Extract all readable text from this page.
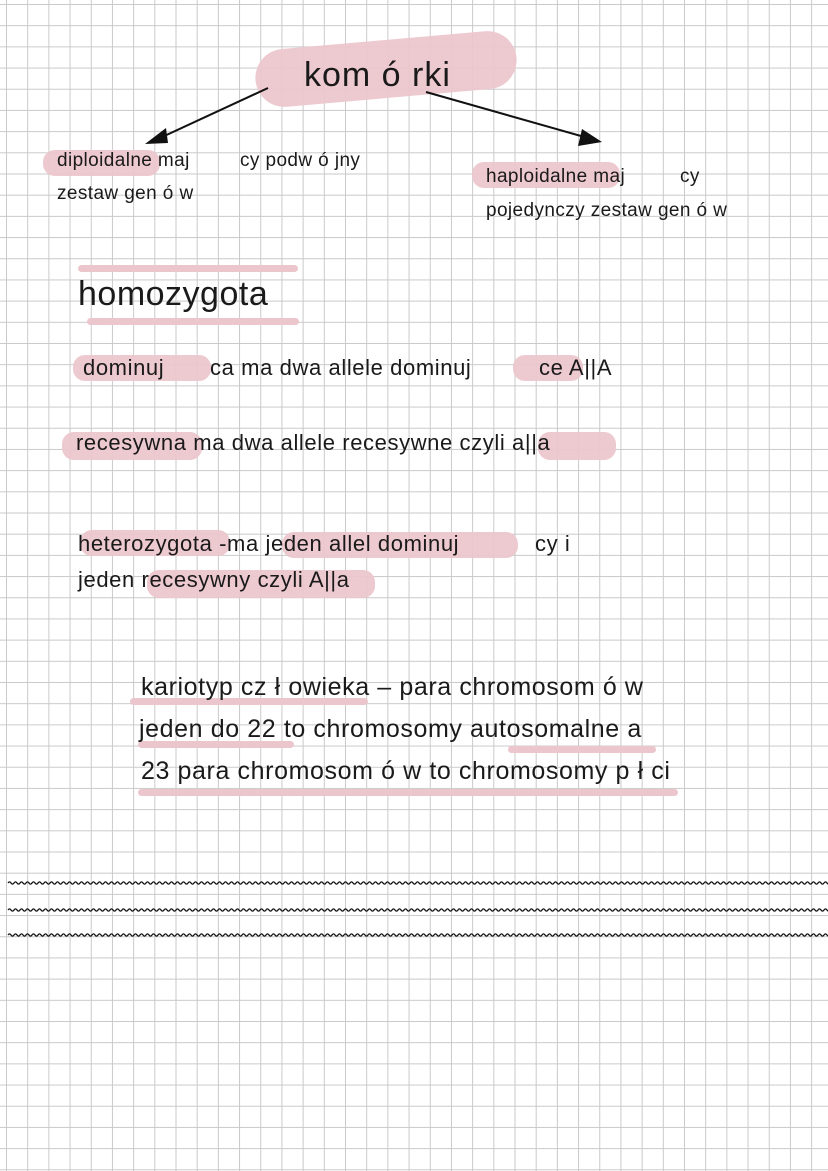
kom ó rki
diploidalne maj	cy podw ó jny
zestaw gen ó w
haploidalne maj	cy
pojedynczy zestaw gen ó w
homozygota
dominuj ca ma dwa allele dominuj	ce A||A
recesywna ma dwa allele recesywne czyli a||a
heterozygota -ma jeden allel dominuj	cy i
jeden recesywny czyli A||a
kariotyp cz ł owieka – para chromosom ó w
jeden do 22 to chromosomy autosomalne a
23 para chromosom ó w to chromosomy p ł ci
